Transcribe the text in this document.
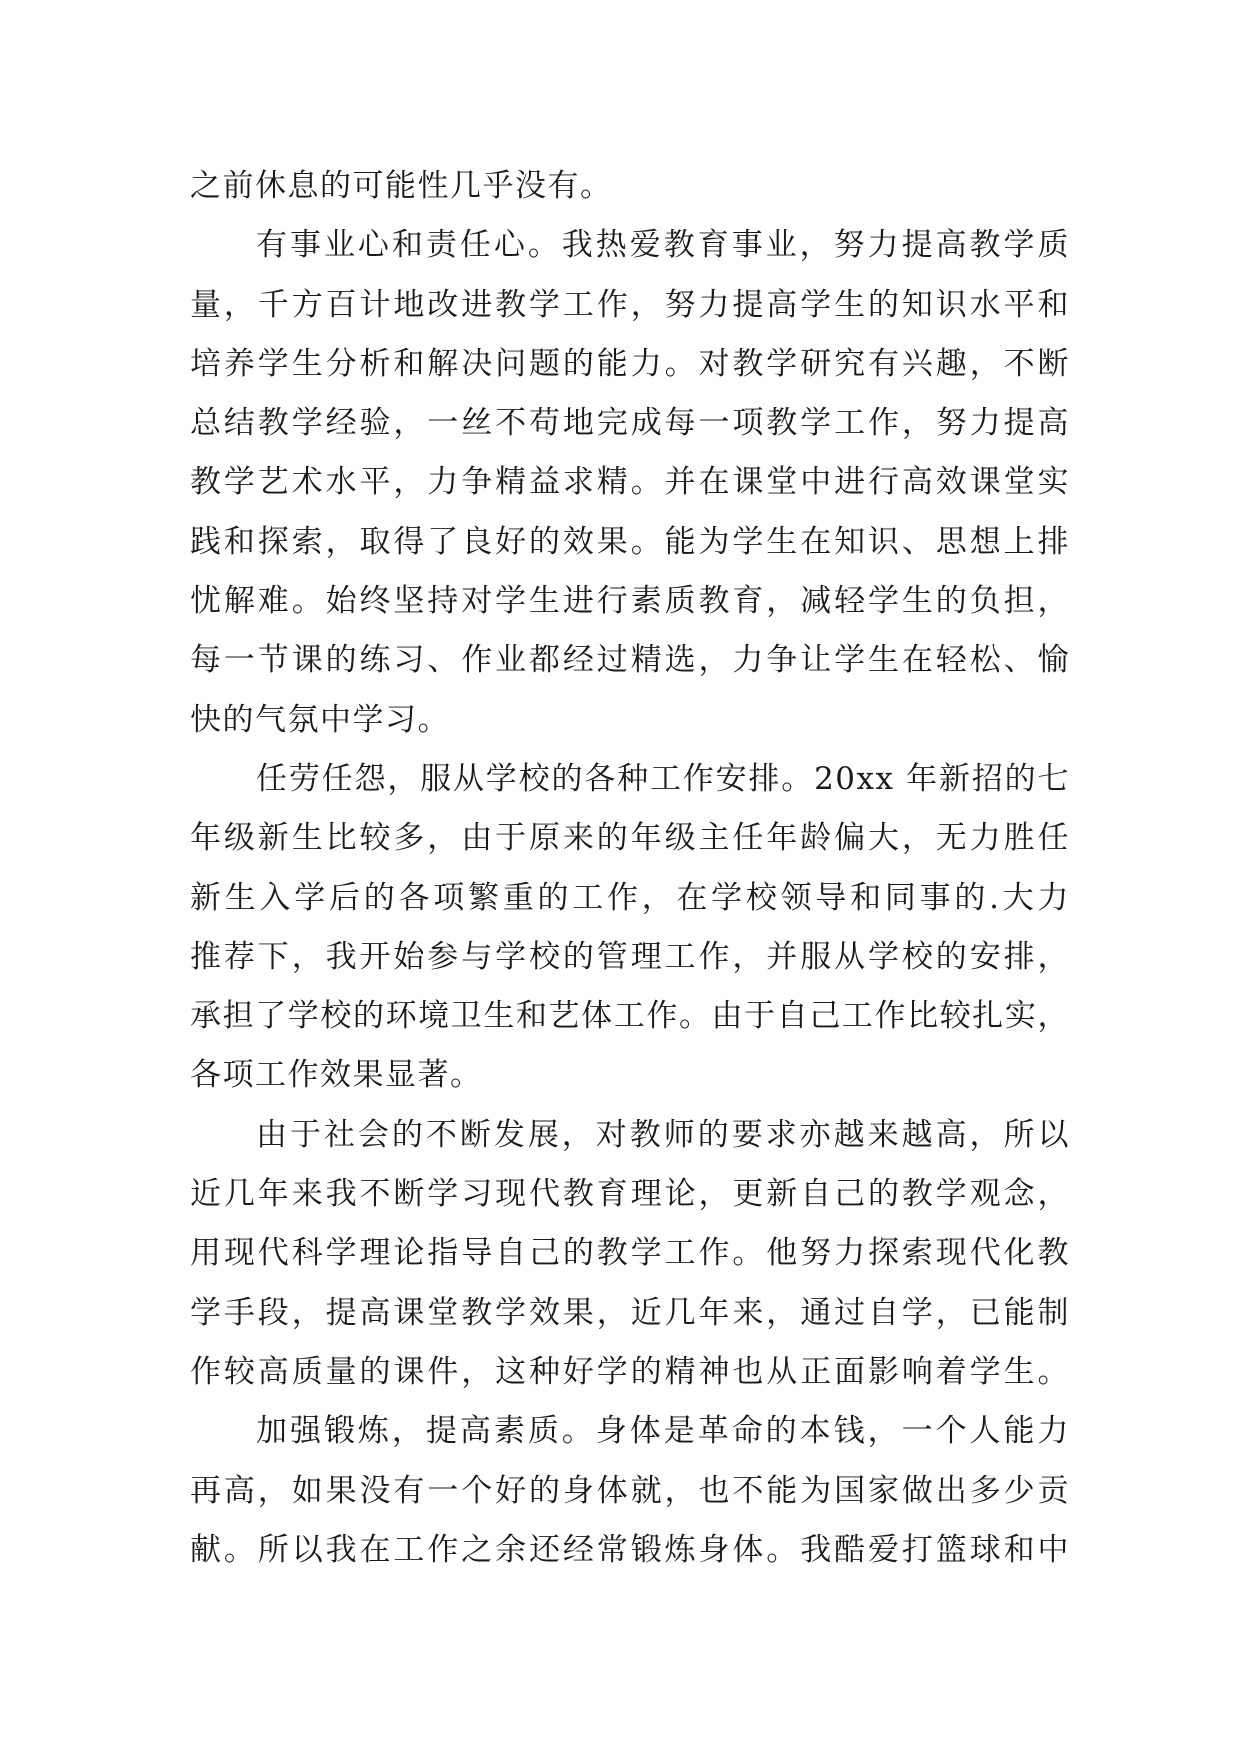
之前休息的可能性几乎没有。
有事业心和责任心。我热爱教育事业，努力提高教学质
量，千方百计地改进教学工作，努力提高学生的知识水平和
培养学生分析和解决问题的能力。对教学研究有兴趣，不断
总结教学经验，一丝不苟地完成每一项教学工作，努力提高
教学艺术水平，力争精益求精。并在课堂中进行高效课堂实
践和探索，取得了良好的效果。能为学生在知识、思想上排
忧解难。始终坚持对学生进行素质教育，减轻学生的负担，
每一节课的练习、作业都经过精选，力争让学生在轻松、愉
快的气氛中学习。
任劳任怨，服从学校的各种工作安排。20xx 年新招的七
年级新生比较多，由于原来的年级主任年龄偏大，无力胜任
新生入学后的各项繁重的工作，在学校领导和同事的.大力
推荐下，我开始参与学校的管理工作，并服从学校的安排，
承担了学校的环境卫生和艺体工作。由于自己工作比较扎实，
各项工作效果显著。
由于社会的不断发展，对教师的要求亦越来越高，所以
近几年来我不断学习现代教育理论，更新自己的教学观念，
用现代科学理论指导自己的教学工作。他努力探索现代化教
学手段，提高课堂教学效果，近几年来，通过自学，已能制
作较高质量的课件，这种好学的精神也从正面影响着学生。
加强锻炼，提高素质。身体是革命的本钱，一个人能力
再高，如果没有一个好的身体就，也不能为国家做出多少贡
献。所以我在工作之余还经常锻炼身体。我酷爱打篮球和中
